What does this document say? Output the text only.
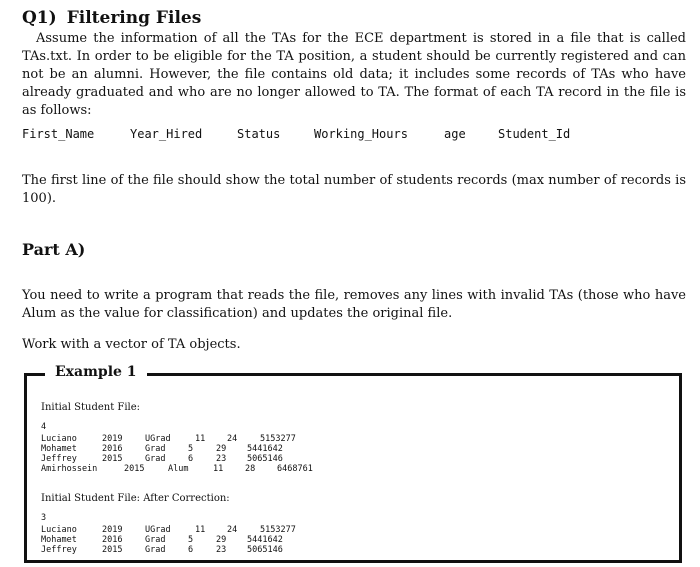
Q1) Filtering Files
Assume the information of all the TAs for the ECE department is stored in a file that is called TAs.txt. In order to be eligible for the TA position, a student should be currently registered and can not be an alumni. However, the file contains old data; it includes some records of TAs who have already graduated and who are no longer allowed to TA. The format of each TA record in the file is as follows:
First_Name	Year_Hired	Status	Working_Hours	age	Student_Id
The first line of the file should show the total number of students records (max number of records is 100).
Part A)
You need to write a program that reads the file, removes any lines with invalid TAs (those who have Alum as the value for classification) and updates the original file.
Work with a vector of TA objects.
Example 1
Initial Student File:
4
Luciano	2019	UGrad	11	24	5153277
Mohamet	2016	Grad	5	29 5441642
Jeffrey	2015	Grad	6	23 5065146
Amirhossein	2015	Alum	11	28	6468761
Initial Student File: After Correction:
3
Luciano	2019	UGrad	11	24	5153277
Mohamet	2016	Grad	5	29 5441642
Jeffrey	2015	Grad	6	23 5065146
